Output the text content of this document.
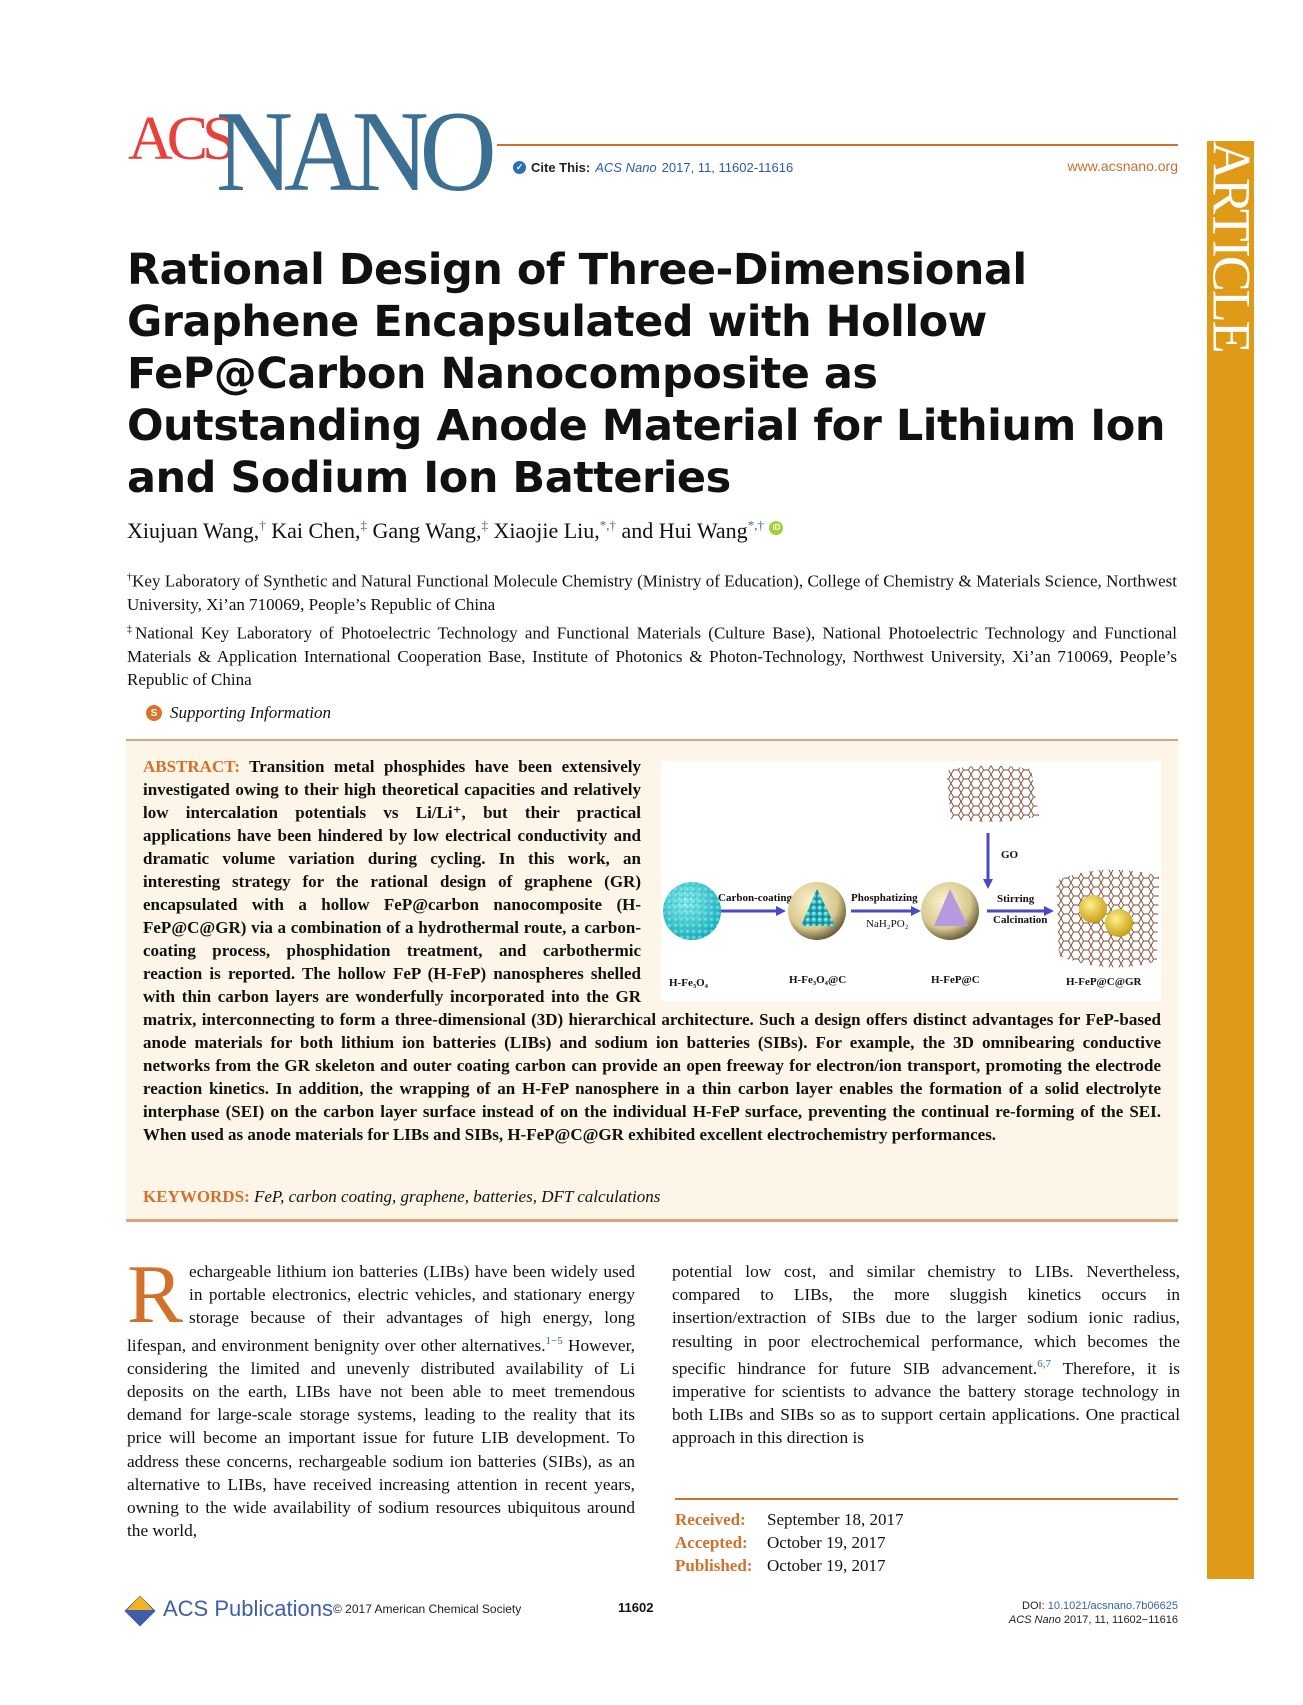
ACS
NANO	✓ Cite This: ACS Nano 2017, 11, 11602-11616	www.acsnano.org ARTICLE
Rational Design of Three-Dimensional Graphene Encapsulated with Hollow FeP@Carbon Nanocomposite as Outstanding Anode Material for Lithium Ion and Sodium Ion Batteries
Xiujuan Wang,† Kai Chen,‡ Gang Wang,‡ Xiaojie Liu,*,† and Hui Wang*,† iD
†Key Laboratory of Synthetic and Natural Functional Molecule Chemistry (Ministry of Education), College of Chemistry & Materials Science, Northwest University, Xi’an 710069, People’s Republic of China
‡National Key Laboratory of Photoelectric Technology and Functional Materials (Culture Base), National Photoelectric Technology and Functional Materials & Application International Cooperation Base, Institute of Photonics & Photon-Technology, Northwest University, Xi’an 710069, People’s Republic of China
S Supporting Information
Carbon-coating	Phosphatizing
NaH₂PO₂
GO
Stirring
Calcination
H-Fe₃O₄	H-Fe₃O₄@C	H-FeP@C	H-FeP@C@GR
ABSTRACT: Transition metal phosphides have been extensively investigated owing to their high theoretical capacities and relatively low intercalation potentials vs Li/Li⁺, but their practical applications have been hindered by low electrical conductivity and dramatic volume variation during cycling. In this work, an interesting strategy for the rational design of graphene (GR) encapsulated with a hollow FeP@carbon nanocomposite (H-FeP@C@GR) via a combination of a hydrothermal route, a carbon-coating process, phosphidation treatment, and carbothermic reaction is reported. The hollow FeP (H-FeP) nanospheres shelled with thin carbon layers are wonderfully incorporated into the GR matrix, interconnecting to form a three-dimensional (3D) hierarchical architecture. Such a design offers distinct advantages for FeP-based anode materials for both lithium ion batteries (LIBs) and sodium ion batteries (SIBs). For example, the 3D omnibearing conductive networks from the GR skeleton and outer coating carbon can provide an open freeway for electron/ion transport, promoting the electrode reaction kinetics. In addition, the wrapping of an H-FeP nanosphere in a thin carbon layer enables the formation of a solid electrolyte interphase (SEI) on the carbon layer surface instead of on the individual H-FeP surface, preventing the continual re-forming of the SEI. When used as anode materials for LIBs and SIBs, H-FeP@C@GR exhibited excellent electrochemistry performances.
KEYWORDS: FeP, carbon coating, graphene, batteries, DFT calculations
Rechargeable lithium ion batteries (LIBs) have been widely used in portable electronics, electric vehicles, and stationary energy storage because of their advantages of high energy, long lifespan, and environment benignity over other alternatives.$^{1-5}$ However, considering the limited and unevenly distributed availability of Li deposits on the earth, LIBs have not been able to meet tremendous demand for large-scale storage systems, leading to the reality that its price will become an important issue for future LIB development. To address these concerns, rechargeable sodium ion batteries (SIBs), as an alternative to LIBs, have received increasing attention in recent years, owning to the wide availability of sodium resources ubiquitous around the world,
potential low cost, and similar chemistry to LIBs. Nevertheless, compared to LIBs, the more sluggish kinetics occurs in insertion/extraction of SIBs due to the larger sodium ionic radius, resulting in poor electrochemical performance, which becomes the specific hindrance for future SIB advancement.$^{6,7}$ Therefore, it is imperative for scientists to advance the battery storage technology in both LIBs and SIBs so as to support certain applications. One practical approach in this direction is
Received:	September 18, 2017
Accepted:	October 19, 2017
Published: October 19, 2017
ACS Publications © 2017 American Chemical Society	11602	DOI: 10.1021/acsnano.7b06625
ACS Nano 2017, 11, 11602−11616
